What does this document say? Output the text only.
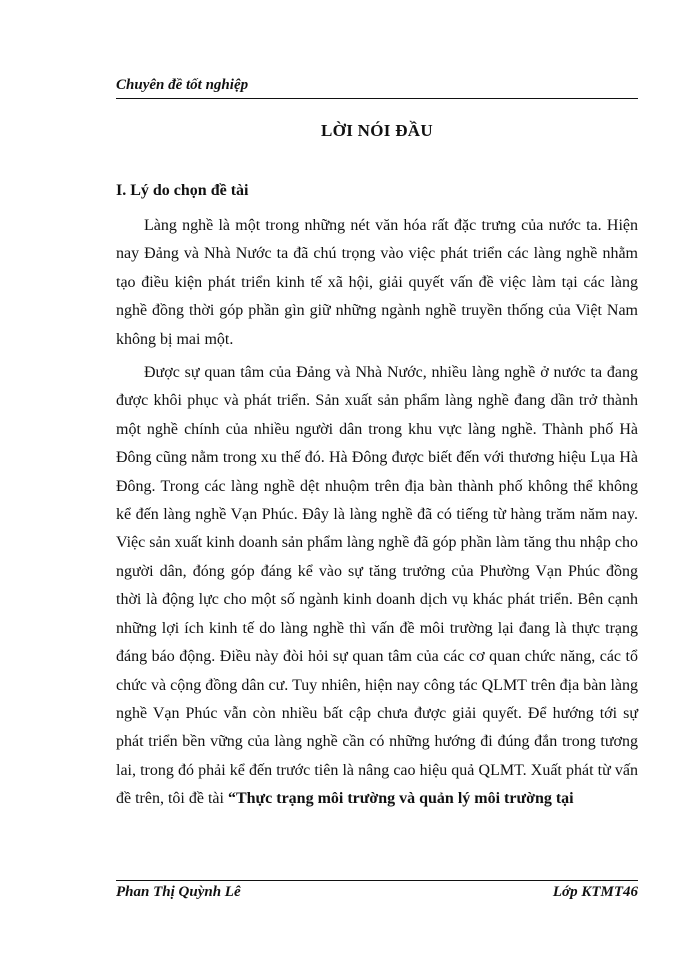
Chuyên đề tốt nghiệp
LỜI NÓI ĐẦU
I. Lý do chọn đề tài

Làng nghề là một trong những nét văn hóa rất đặc trưng của nước ta. Hiện nay Đảng và Nhà Nước ta đã chú trọng vào việc phát triển các làng nghề nhằm tạo điều kiện phát triển kinh tế xã hội, giải quyết vấn đề việc làm tại các làng nghề đồng thời góp phần gìn giữ những ngành nghề truyền thống của Việt Nam không bị mai một.

Được sự quan tâm của Đảng và Nhà Nước, nhiều làng nghề ở nước ta đang được khôi phục và phát triển. Sản xuất sản phẩm làng nghề đang dần trở thành một nghề chính của nhiều người dân trong khu vực làng nghề. Thành phố Hà Đông cũng nằm trong xu thế đó. Hà Đông được biết đến với thương hiệu Lụa Hà Đông. Trong các làng nghề dệt nhuộm trên địa bàn thành phố không thể không kể đến làng nghề Vạn Phúc. Đây là làng nghề đã có tiếng từ hàng trăm năm nay. Việc sản xuất kinh doanh sản phẩm làng nghề đã góp phần làm tăng thu nhập cho người dân, đóng góp đáng kể vào sự tăng trưởng của Phường Vạn Phúc đồng thời là động lực cho một số ngành kinh doanh dịch vụ khác phát triển. Bên cạnh những lợi ích kinh tế do làng nghề thì vấn đề môi trường lại đang là thực trạng đáng báo động. Điều này đòi hỏi sự quan tâm của các cơ quan chức năng, các tổ chức và cộng đồng dân cư. Tuy nhiên, hiện nay công tác QLMT trên địa bàn làng nghề Vạn Phúc vẫn còn nhiều bất cập chưa được giải quyết. Để hướng tới sự phát triển bền vững của làng nghề cần có những hướng đi đúng đắn trong tương lai, trong đó phải kể đến trước tiên là nâng cao hiệu quả QLMT. Xuất phát từ vấn đề trên, tôi đề tài “Thực trạng môi trường và quản lý môi trường tại

Phan Thị Quỳnh Lê	Lớp KTMT46
